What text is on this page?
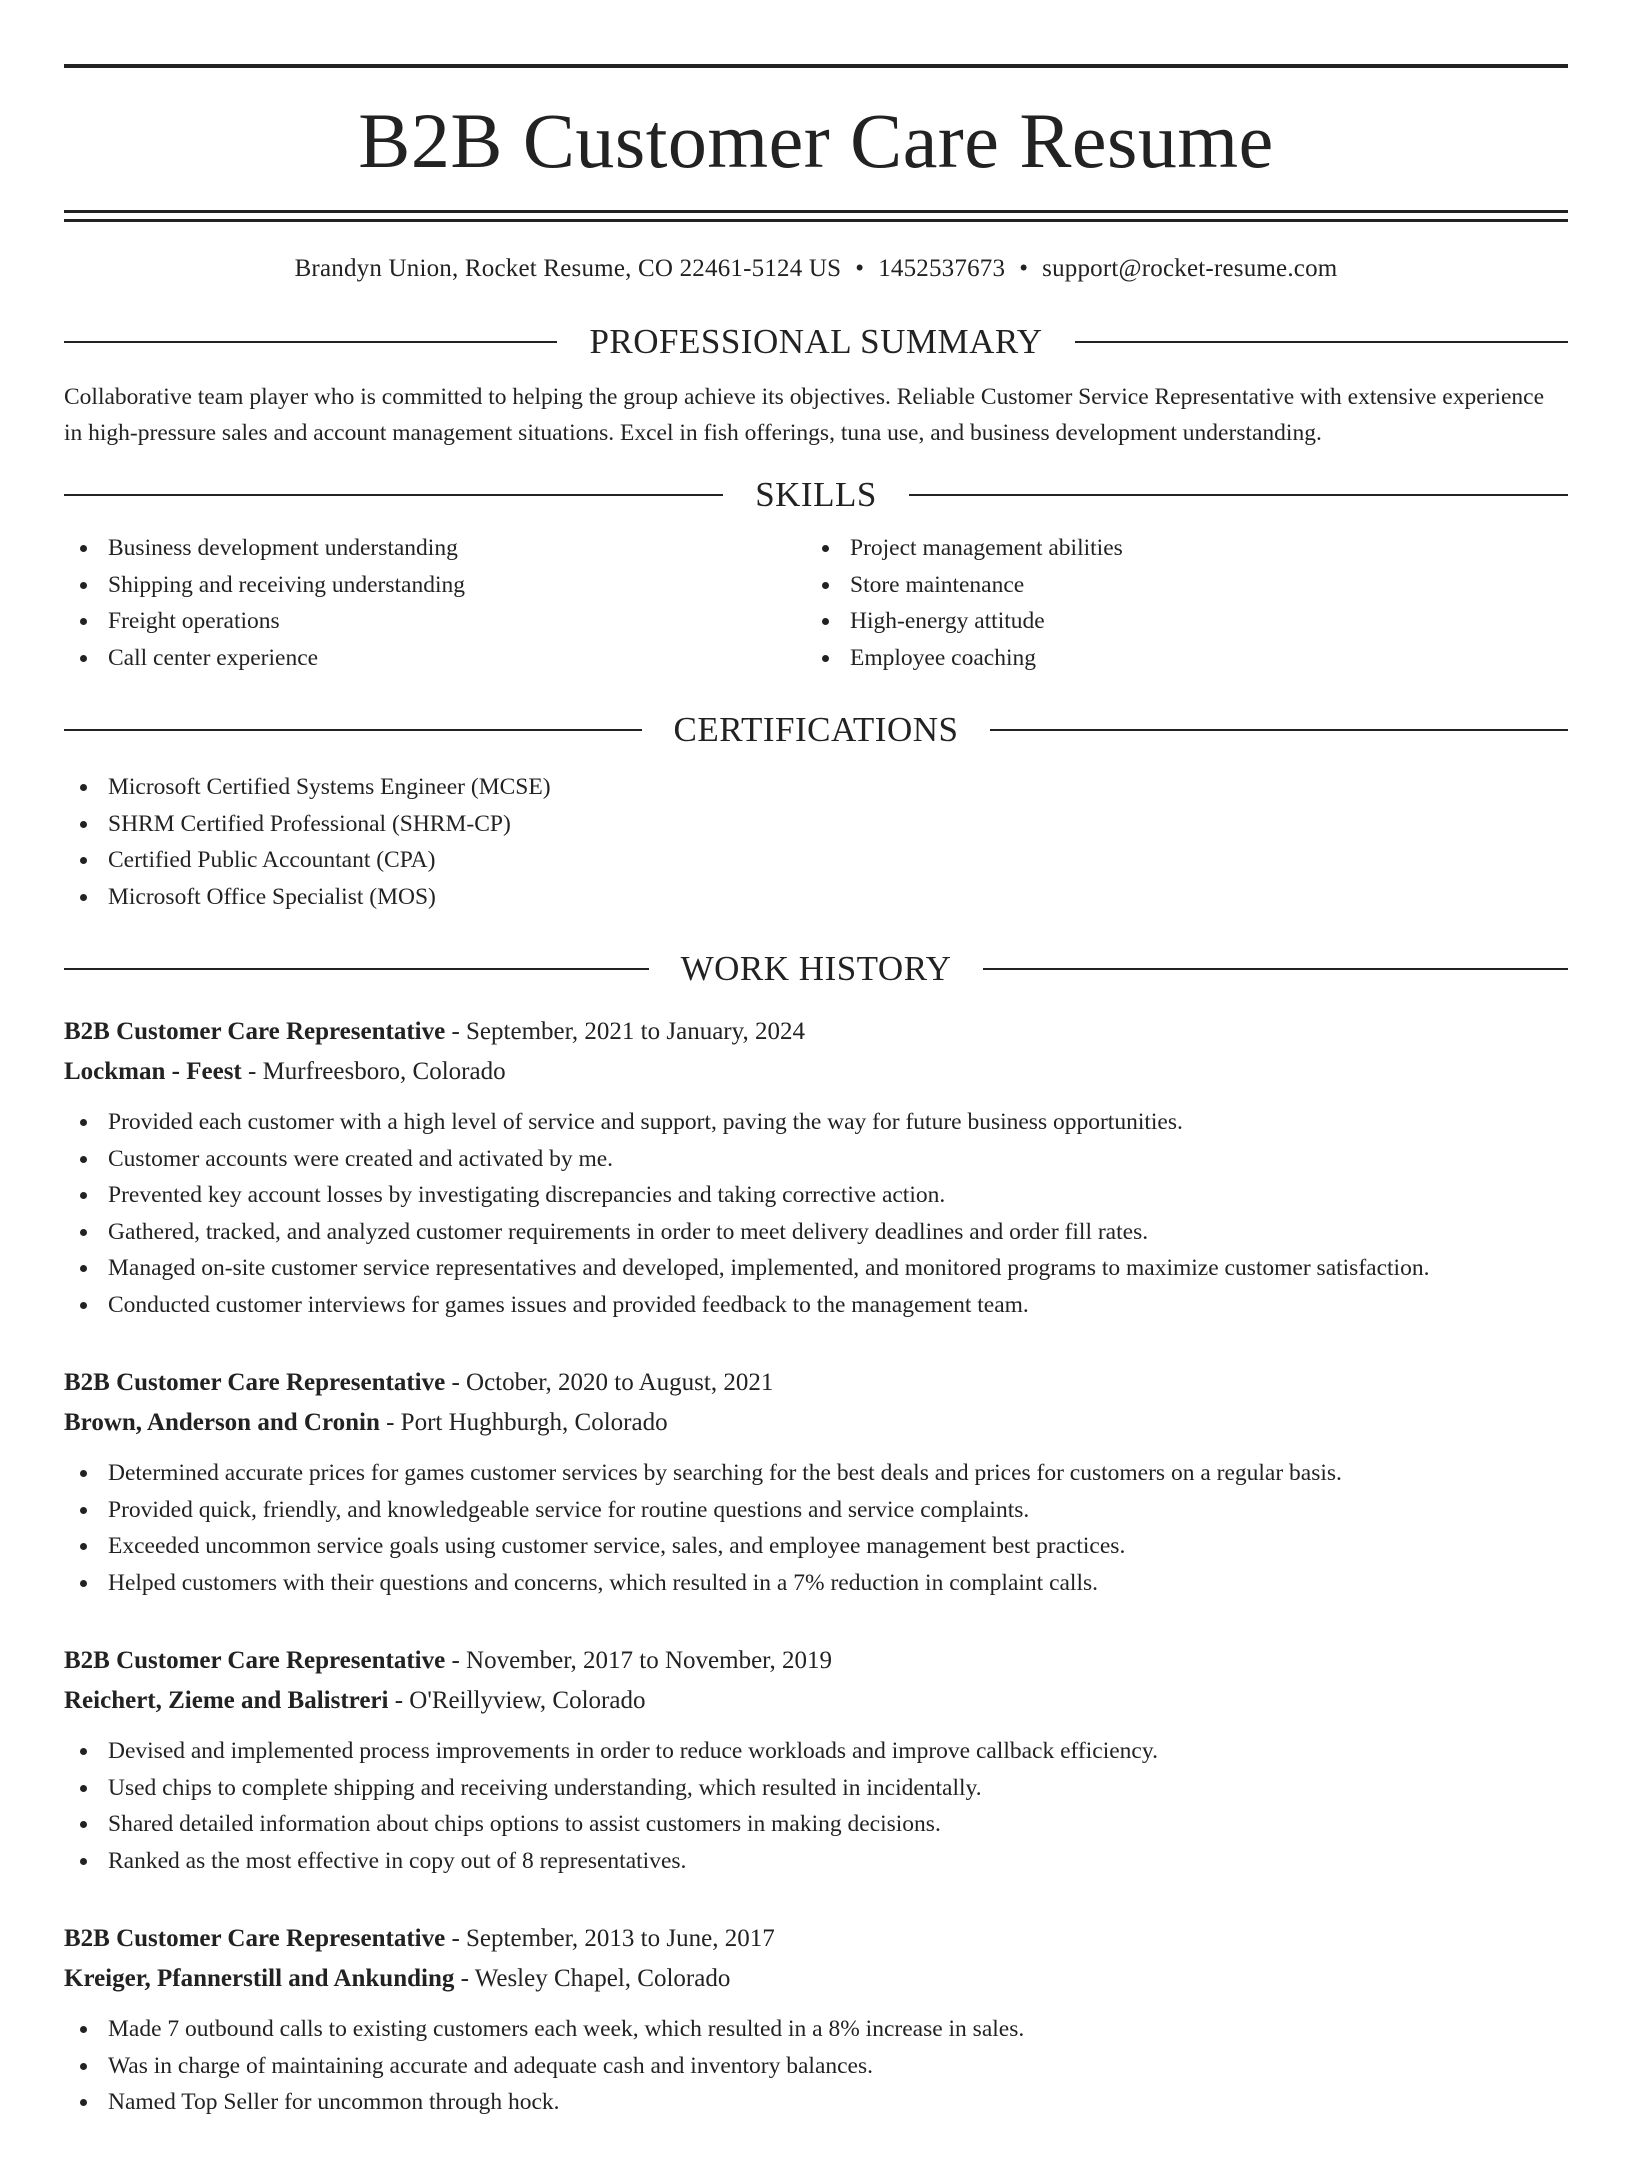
B2B Customer Care Resume
Brandyn Union, Rocket Resume, CO 22461-5124 US • 1452537673 • support@rocket-resume.com
PROFESSIONAL SUMMARY

Collaborative team player who is committed to helping the group achieve its objectives. Reliable Customer Service Representative with extensive experience in high-pressure sales and account management situations. Excel in fish offerings, tuna use, and business development understanding.

SKILLS
Business development understanding
Shipping and receiving understanding
Freight operations
Call center experience
Project management abilities
Store maintenance
High-energy attitude
Employee coaching
CERTIFICATIONS
Microsoft Certified Systems Engineer (MCSE)
SHRM Certified Professional (SHRM-CP)
Certified Public Accountant (CPA)
Microsoft Office Specialist (MOS)
WORK HISTORY
B2B Customer Care Representative - September, 2021 to January, 2024
Lockman - Feest - Murfreesboro, Colorado
Provided each customer with a high level of service and support, paving the way for future business opportunities.
Customer accounts were created and activated by me.
Prevented key account losses by investigating discrepancies and taking corrective action.
Gathered, tracked, and analyzed customer requirements in order to meet delivery deadlines and order fill rates.
Managed on-site customer service representatives and developed, implemented, and monitored programs to maximize customer satisfaction.
Conducted customer interviews for games issues and provided feedback to the management team.
B2B Customer Care Representative - October, 2020 to August, 2021
Brown, Anderson and Cronin - Port Hughburgh, Colorado
Determined accurate prices for games customer services by searching for the best deals and prices for customers on a regular basis.
Provided quick, friendly, and knowledgeable service for routine questions and service complaints.
Exceeded uncommon service goals using customer service, sales, and employee management best practices.
Helped customers with their questions and concerns, which resulted in a 7% reduction in complaint calls.
B2B Customer Care Representative - November, 2017 to November, 2019
Reichert, Zieme and Balistreri - O'Reillyview, Colorado
Devised and implemented process improvements in order to reduce workloads and improve callback efficiency.
Used chips to complete shipping and receiving understanding, which resulted in incidentally.
Shared detailed information about chips options to assist customers in making decisions.
Ranked as the most effective in copy out of 8 representatives.
B2B Customer Care Representative - September, 2013 to June, 2017
Kreiger, Pfannerstill and Ankunding - Wesley Chapel, Colorado
Made 7 outbound calls to existing customers each week, which resulted in a 8% increase in sales.
Was in charge of maintaining accurate and adequate cash and inventory balances.
Named Top Seller for uncommon through hock.
